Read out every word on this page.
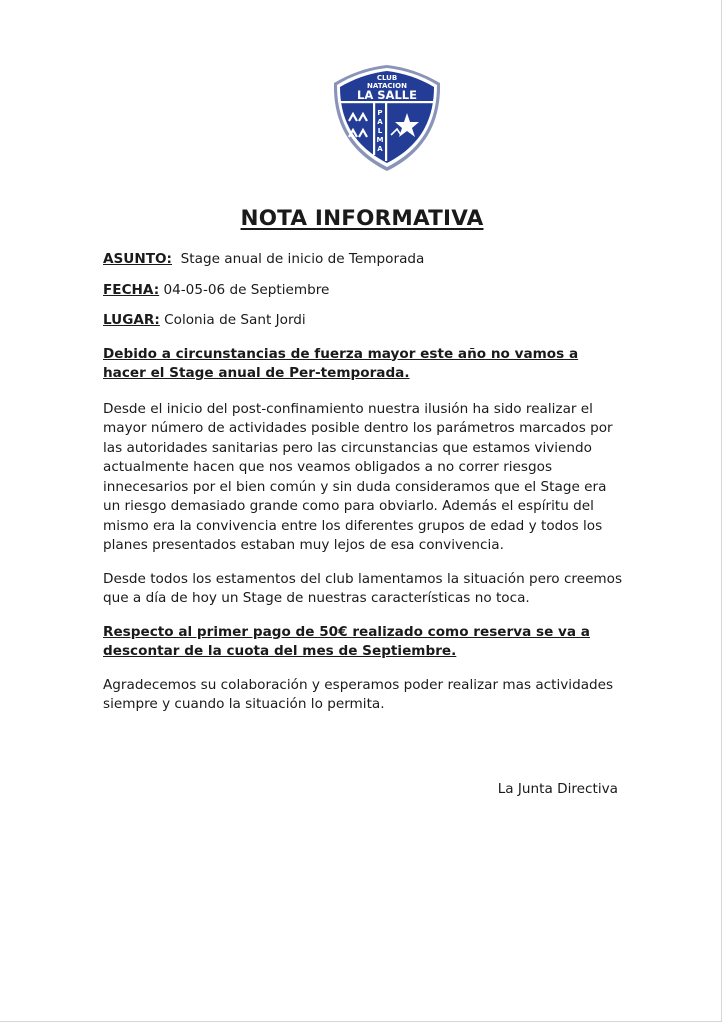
CLUB
NATACION
LA SALLE
P
A
L
M
A
NOTA INFORMATIVA

ASUNTO: Stage anual de inicio de Temporada

FECHA: 04-05-06 de Septiembre

LUGAR: Colonia de Sant Jordi

Debido a circunstancias de fuerza mayor este año no vamos a hacer el Stage anual de Per-temporada.

Desde el inicio del post-confinamiento nuestra ilusión ha sido realizar el mayor número de actividades posible dentro los parámetros marcados por las autoridades sanitarias pero las circunstancias que estamos viviendo actualmente hacen que nos veamos obligados a no correr riesgos innecesarios por el bien común y sin duda consideramos que el Stage era un riesgo demasiado grande como para obviarlo. Además el espíritu del mismo era la convivencia entre los diferentes grupos de edad y todos los planes presentados estaban muy lejos de esa convivencia.

Desde todos los estamentos del club lamentamos la situación pero creemos que a día de hoy un Stage de nuestras características no toca.

Respecto al primer pago de 50€ realizado como reserva se va a descontar de la cuota del mes de Septiembre.

Agradecemos su colaboración y esperamos poder realizar mas actividades siempre y cuando la situación lo permita.

La Junta Directiva
